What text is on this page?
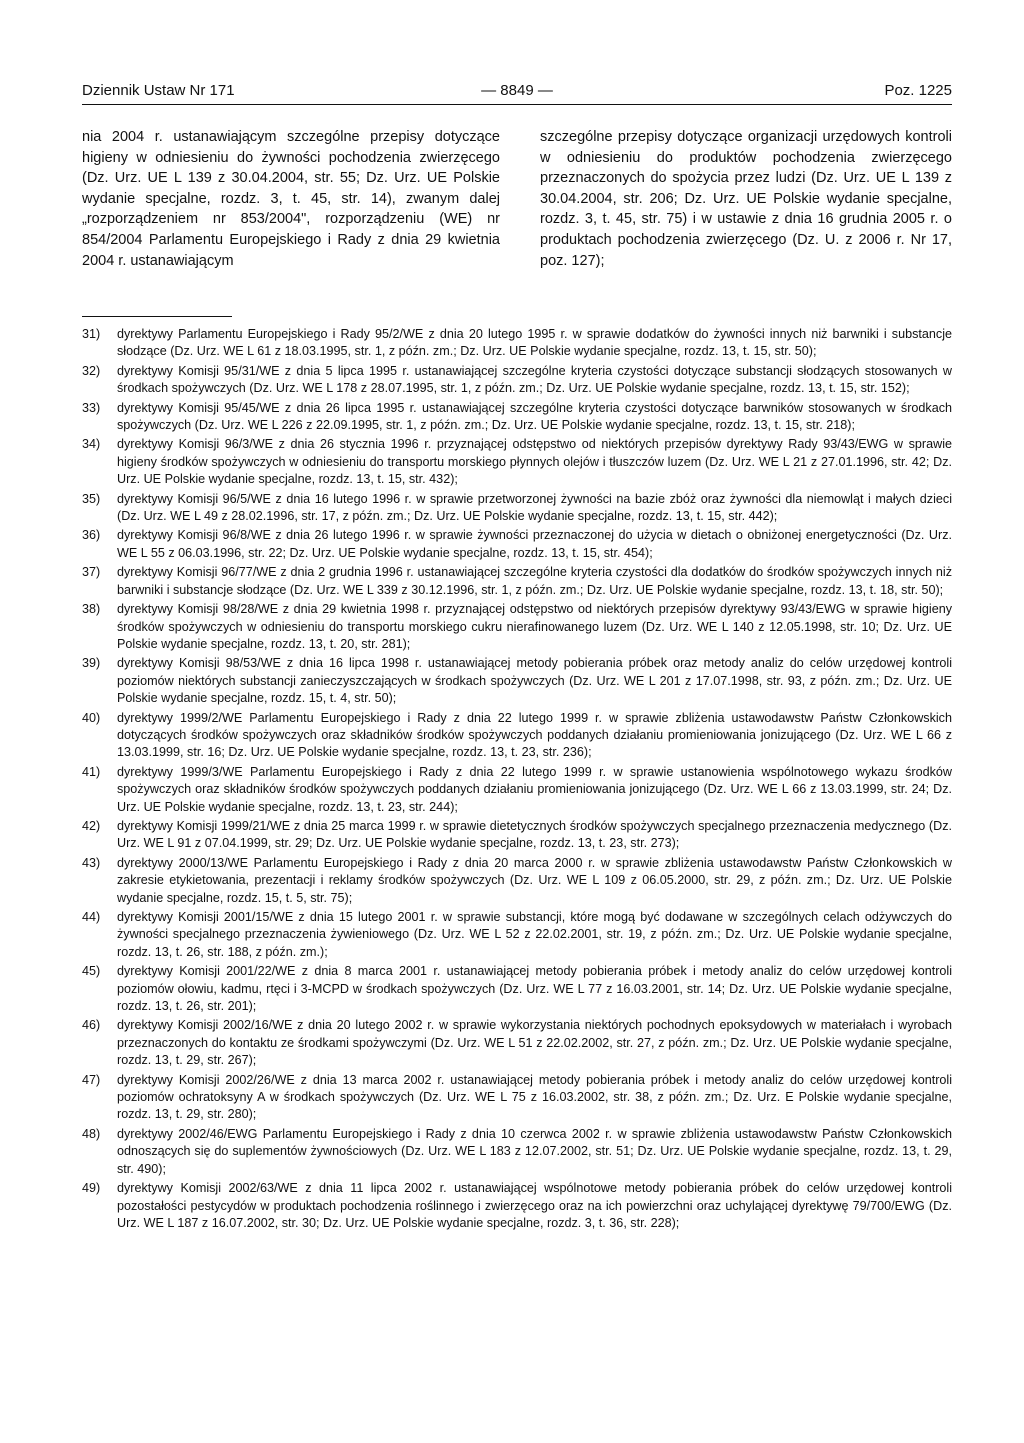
Dziennik Ustaw Nr 171	— 8849 —	Poz. 1225

nia 2004 r. ustanawiającym szczególne przepisy dotyczące higieny w odniesieniu do żywności pochodzenia zwierzęcego (Dz. Urz. UE L 139 z 30.04.2004, str. 55; Dz. Urz. UE Polskie wydanie specjalne, rozdz. 3, t. 45, str. 14), zwanym dalej „rozporządzeniem nr 853/2004", rozporządzeniu (WE) nr 854/2004 Parlamentu Europejskiego i Rady z dnia 29 kwietnia 2004 r. ustanawiającym

szczególne przepisy dotyczące organizacji urzędowych kontroli w odniesieniu do produktów pochodzenia zwierzęcego przeznaczonych do spożycia przez ludzi (Dz. Urz. UE L 139 z 30.04.2004, str. 206; Dz. Urz. UE Polskie wydanie specjalne, rozdz. 3, t. 45, str. 75) i w ustawie z dnia 16 grudnia 2005 r. o produktach pochodzenia zwierzęcego (Dz. U. z 2006 r. Nr 17, poz. 127);

31) dyrektywy Parlamentu Europejskiego i Rady 95/2/WE z dnia 20 lutego 1995 r. w sprawie dodatków do żywności innych niż barwniki i substancje słodzące (Dz. Urz. WE L 61 z 18.03.1995, str. 1, z późn. zm.; Dz. Urz. UE Polskie wydanie specjalne, rozdz. 13, t. 15, str. 50);

32) dyrektywy Komisji 95/31/WE z dnia 5 lipca 1995 r. ustanawiającej szczególne kryteria czystości dotyczące substancji słodzących stosowanych w środkach spożywczych (Dz. Urz. WE L 178 z 28.07.1995, str. 1, z późn. zm.; Dz. Urz. UE Polskie wydanie specjalne, rozdz. 13, t. 15, str. 152);

33) dyrektywy Komisji 95/45/WE z dnia 26 lipca 1995 r. ustanawiającej szczególne kryteria czystości dotyczące barwników stosowanych w środkach spożywczych (Dz. Urz. WE L 226 z 22.09.1995, str. 1, z późn. zm.; Dz. Urz. UE Polskie wydanie specjalne, rozdz. 13, t. 15, str. 218);

34) dyrektywy Komisji 96/3/WE z dnia 26 stycznia 1996 r. przyznającej odstępstwo od niektórych przepisów dyrektywy Rady 93/43/EWG w sprawie higieny środków spożywczych w odniesieniu do transportu morskiego płynnych olejów i tłuszczów luzem (Dz. Urz. WE L 21 z 27.01.1996, str. 42; Dz. Urz. UE Polskie wydanie specjalne, rozdz. 13, t. 15, str. 432);

35) dyrektywy Komisji 96/5/WE z dnia 16 lutego 1996 r. w sprawie przetworzonej żywności na bazie zbóż oraz żywności dla niemowląt i małych dzieci (Dz. Urz. WE L 49 z 28.02.1996, str. 17, z późn. zm.; Dz. Urz. UE Polskie wydanie specjalne, rozdz. 13, t. 15, str. 442);

36) dyrektywy Komisji 96/8/WE z dnia 26 lutego 1996 r. w sprawie żywności przeznaczonej do użycia w dietach o obniżonej energetyczności (Dz. Urz. WE L 55 z 06.03.1996, str. 22; Dz. Urz. UE Polskie wydanie specjalne, rozdz. 13, t. 15, str. 454);

37) dyrektywy Komisji 96/77/WE z dnia 2 grudnia 1996 r. ustanawiającej szczególne kryteria czystości dla dodatków do środków spożywczych innych niż barwniki i substancje słodzące (Dz. Urz. WE L 339 z 30.12.1996, str. 1, z późn. zm.; Dz. Urz. UE Polskie wydanie specjalne, rozdz. 13, t. 18, str. 50);

38) dyrektywy Komisji 98/28/WE z dnia 29 kwietnia 1998 r. przyznającej odstępstwo od niektórych przepisów dyrektywy 93/43/EWG w sprawie higieny środków spożywczych w odniesieniu do transportu morskiego cukru nierafinowanego luzem (Dz. Urz. WE L 140 z 12.05.1998, str. 10; Dz. Urz. UE Polskie wydanie specjalne, rozdz. 13, t. 20, str. 281);

39) dyrektywy Komisji 98/53/WE z dnia 16 lipca 1998 r. ustanawiającej metody pobierania próbek oraz metody analiz do celów urzędowej kontroli poziomów niektórych substancji zanieczyszczających w środkach spożywczych (Dz. Urz. WE L 201 z 17.07.1998, str. 93, z późn. zm.; Dz. Urz. UE Polskie wydanie specjalne, rozdz. 15, t. 4, str. 50);

40) dyrektywy 1999/2/WE Parlamentu Europejskiego i Rady z dnia 22 lutego 1999 r. w sprawie zbliżenia ustawodawstw Państw Członkowskich dotyczących środków spożywczych oraz składników środków spożywczych poddanych działaniu promieniowania jonizującego (Dz. Urz. WE L 66 z 13.03.1999, str. 16; Dz. Urz. UE Polskie wydanie specjalne, rozdz. 13, t. 23, str. 236);

41) dyrektywy 1999/3/WE Parlamentu Europejskiego i Rady z dnia 22 lutego 1999 r. w sprawie ustanowienia wspólnotowego wykazu środków spożywczych oraz składników środków spożywczych poddanych działaniu promieniowania jonizującego (Dz. Urz. WE L 66 z 13.03.1999, str. 24; Dz. Urz. UE Polskie wydanie specjalne, rozdz. 13, t. 23, str. 244);

42) dyrektywy Komisji 1999/21/WE z dnia 25 marca 1999 r. w sprawie dietetycznych środków spożywczych specjalnego przeznaczenia medycznego (Dz. Urz. WE L 91 z 07.04.1999, str. 29; Dz. Urz. UE Polskie wydanie specjalne, rozdz. 13, t. 23, str. 273);

43) dyrektywy 2000/13/WE Parlamentu Europejskiego i Rady z dnia 20 marca 2000 r. w sprawie zbliżenia ustawodawstw Państw Członkowskich w zakresie etykietowania, prezentacji i reklamy środków spożywczych (Dz. Urz. WE L 109 z 06.05.2000, str. 29, z późn. zm.; Dz. Urz. UE Polskie wydanie specjalne, rozdz. 15, t. 5, str. 75);

44) dyrektywy Komisji 2001/15/WE z dnia 15 lutego 2001 r. w sprawie substancji, które mogą być dodawane w szczególnych celach odżywczych do żywności specjalnego przeznaczenia żywieniowego (Dz. Urz. WE L 52 z 22.02.2001, str. 19, z późn. zm.; Dz. Urz. UE Polskie wydanie specjalne, rozdz. 13, t. 26, str. 188, z późn. zm.);

45) dyrektywy Komisji 2001/22/WE z dnia 8 marca 2001 r. ustanawiającej metody pobierania próbek i metody analiz do celów urzędowej kontroli poziomów ołowiu, kadmu, rtęci i 3-MCPD w środkach spożywczych (Dz. Urz. WE L 77 z 16.03.2001, str. 14; Dz. Urz. UE Polskie wydanie specjalne, rozdz. 13, t. 26, str. 201);

46) dyrektywy Komisji 2002/16/WE z dnia 20 lutego 2002 r. w sprawie wykorzystania niektórych pochodnych epoksydowych w materiałach i wyrobach przeznaczonych do kontaktu ze środkami spożywczymi (Dz. Urz. WE L 51 z 22.02.2002, str. 27, z późn. zm.; Dz. Urz. UE Polskie wydanie specjalne, rozdz. 13, t. 29, str. 267);

47) dyrektywy Komisji 2002/26/WE z dnia 13 marca 2002 r. ustanawiającej metody pobierania próbek i metody analiz do celów urzędowej kontroli poziomów ochratoksyny A w środkach spożywczych (Dz. Urz. WE L 75 z 16.03.2002, str. 38, z późn. zm.; Dz. Urz. E Polskie wydanie specjalne, rozdz. 13, t. 29, str. 280);

48) dyrektywy 2002/46/EWG Parlamentu Europejskiego i Rady z dnia 10 czerwca 2002 r. w sprawie zbliżenia ustawodawstw Państw Członkowskich odnoszących się do suplementów żywnościowych (Dz. Urz. WE L 183 z 12.07.2002, str. 51; Dz. Urz. UE Polskie wydanie specjalne, rozdz. 13, t. 29, str. 490);

49) dyrektywy Komisji 2002/63/WE z dnia 11 lipca 2002 r. ustanawiającej wspólnotowe metody pobierania próbek do celów urzędowej kontroli pozostałości pestycydów w produktach pochodzenia roślinnego i zwierzęcego oraz na ich powierzchni oraz uchylającej dyrektywę 79/700/EWG (Dz. Urz. WE L 187 z 16.07.2002, str. 30; Dz. Urz. UE Polskie wydanie specjalne, rozdz. 3, t. 36, str. 228);
